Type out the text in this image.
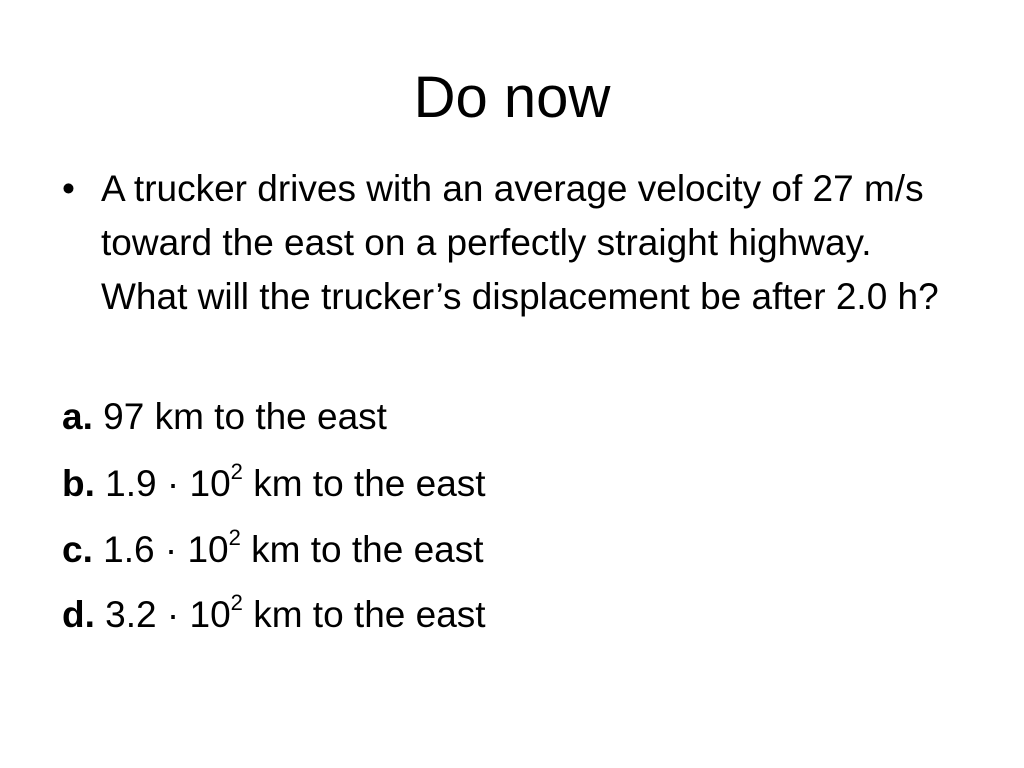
Do now
• A trucker drives with an average velocity of 27 m/s toward the east on a perfectly straight highway. What will the trucker’s displacement be after 2.0 h?
a. 97 km to the east
b. $1.9 \cdot 10^2$ km to the east
c. $1.6 \cdot 10^2$ km to the east
d. $3.2 \cdot 10^2$ km to the east
